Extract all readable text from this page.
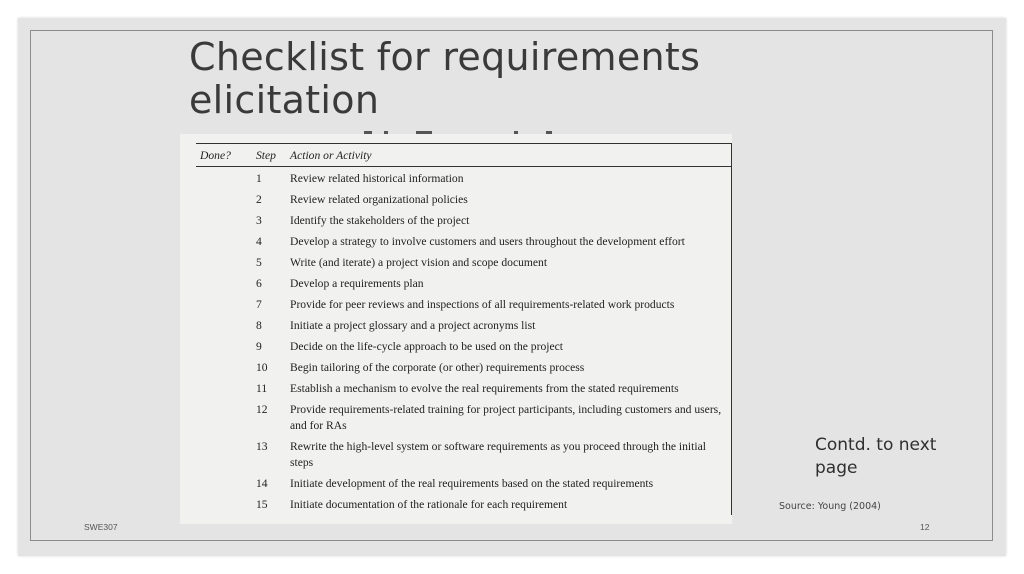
Checklist for requirements
elicitation
Done?	Step	Action or Activity
	1	Review related historical information
	2	Review related organizational policies
	3	Identify the stakeholders of the project
	4	Develop a strategy to involve customers and users throughout the development effort
	5	Write (and iterate) a project vision and scope document
	6	Develop a requirements plan
	7	Provide for peer reviews and inspections of all requirements-related work products
	8	Initiate a project glossary and a project acronyms list
	9	Decide on the life-cycle approach to be used on the project
	10	Begin tailoring of the corporate (or other) requirements process
	11	Establish a mechanism to evolve the real requirements from the stated requirements
	12	Provide requirements-related training for project participants, including customers and users, and for RAs
	13	Rewrite the high-level system or software requirements as you proceed through the initial steps
	14	Initiate development of the real requirements based on the stated requirements
	15	Initiate documentation of the rationale for each requirement
Contd. to next
page
Source: Young (2004)
SWE307	12
